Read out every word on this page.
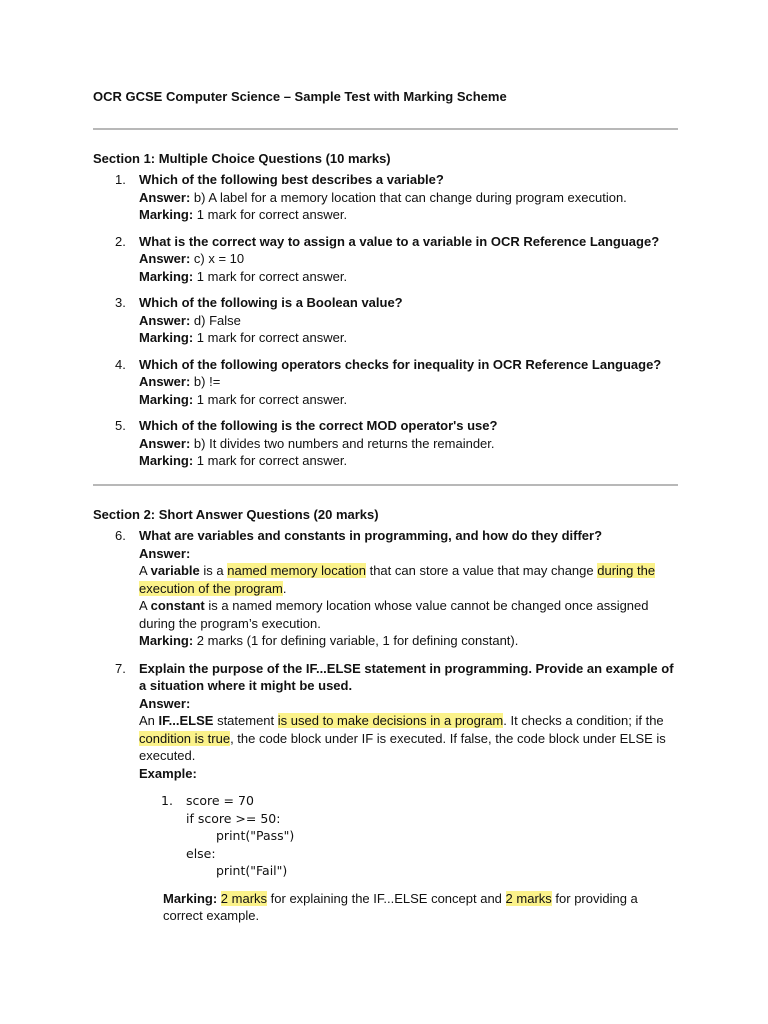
OCR GCSE Computer Science – Sample Test with Marking Scheme

Section 1: Multiple Choice Questions (10 marks)

1. Which of the following best describes a variable?
Answer: b) A label for a memory location that can change during program execution.
Marking: 1 mark for correct answer.
2. What is the correct way to assign a value to a variable in OCR Reference Language?
Answer: c) x = 10
Marking: 1 mark for correct answer.
3. Which of the following is a Boolean value?
Answer: d) False
Marking: 1 mark for correct answer.
4. Which of the following operators checks for inequality in OCR Reference Language?
Answer: b) !=
Marking: 1 mark for correct answer.
5. Which of the following is the correct MOD operator's use?
Answer: b) It divides two numbers and returns the remainder.
Marking: 1 mark for correct answer.

Section 2: Short Answer Questions (20 marks)

6. What are variables and constants in programming, and how do they differ?
Answer:
A variable is a named memory location that can store a value that may change during the execution of the program.
A constant is a named memory location whose value cannot be changed once assigned during the program’s execution.
Marking: 2 marks (1 for defining variable, 1 for defining constant).
7. Explain the purpose of the IF...ELSE statement in programming. Provide an example of a situation where it might be used.
Answer:
An IF...ELSE statement is used to make decisions in a program. It checks a condition; if the condition is true, the code block under IF is executed. If false, the code block under ELSE is executed.
Example:
1. score = 70
if score >= 50:
print("Pass")
else:
print("Fail")
Marking: 2 marks for explaining the IF...ELSE concept and 2 marks for providing a correct example.
